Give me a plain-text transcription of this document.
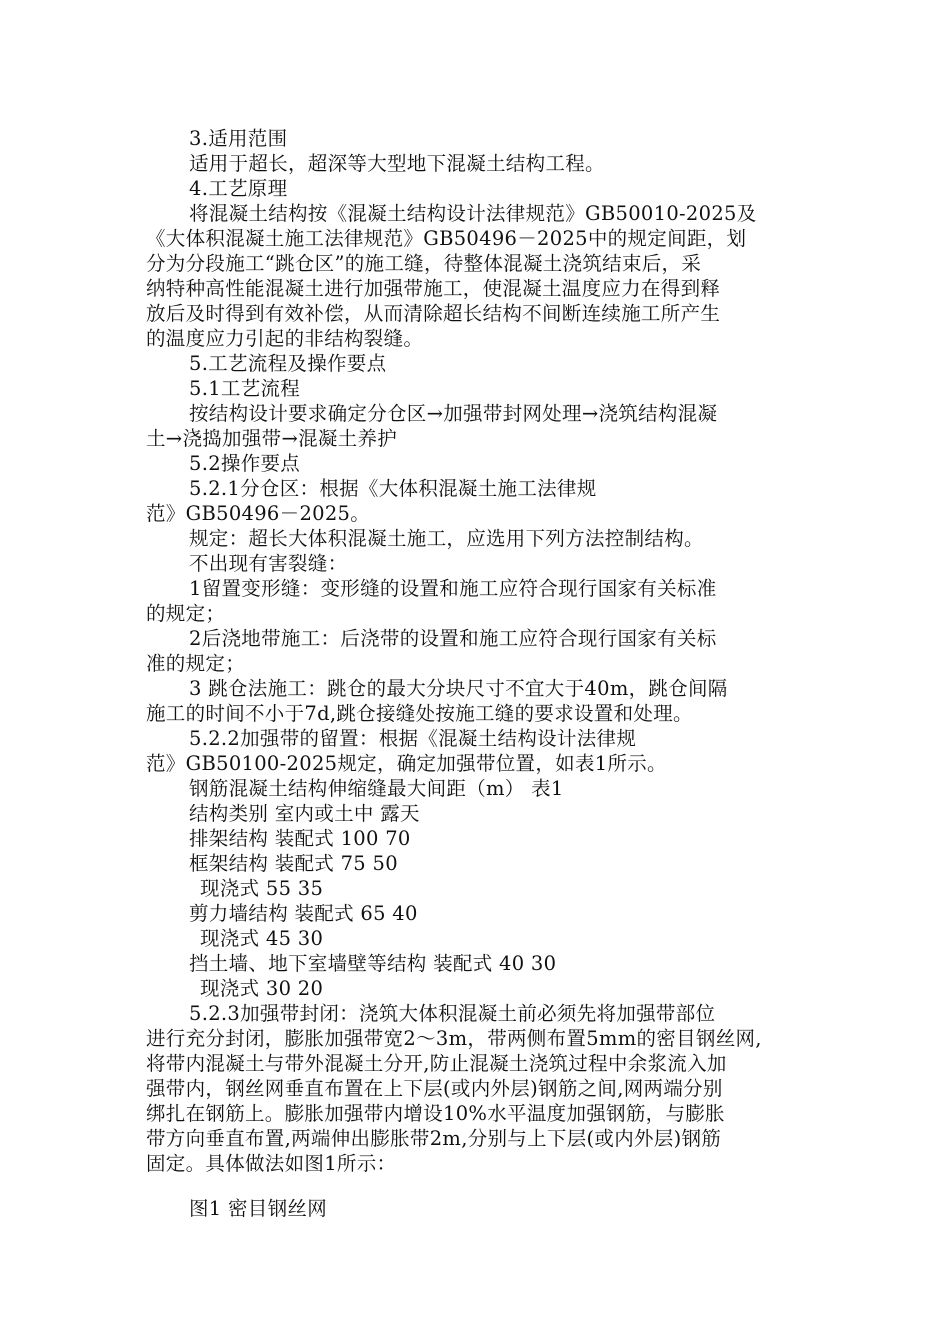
3.适用范围
适用于超长，超深等大型地下混凝土结构工程。
4.工艺原理
将混凝土结构按《混凝土结构设计法律规范》GB50010-2025及
《大体积混凝土施工法律规范》GB50496－2025中的规定间距，划
分为分段施工“跳仓区”的施工缝，待整体混凝土浇筑结束后，采
纳特种高性能混凝土进行加强带施工，使混凝土温度应力在得到释
放后及时得到有效补偿，从而清除超长结构不间断连续施工所产生
的温度应力引起的非结构裂缝。
5.工艺流程及操作要点
5.1工艺流程
按结构设计要求确定分仓区→加强带封网处理→浇筑结构混凝
土→浇捣加强带→混凝土养护
5.2操作要点
5.2.1分仓区：根据《大体积混凝土施工法律规
范》GB50496－2025。
规定：超长大体积混凝土施工，应选用下列方法控制结构。
不出现有害裂缝：
1留置变形缝：变形缝的设置和施工应符合现行国家有关标准
的规定；
2后浇地带施工：后浇带的设置和施工应符合现行国家有关标
准的规定；
3 跳仓法施工：跳仓的最大分块尺寸不宜大于40m，跳仓间隔
施工的时间不小于7d,跳仓接缝处按施工缝的要求设置和处理。
5.2.2加强带的留置：根据《混凝土结构设计法律规
范》GB50100-2025规定，确定加强带位置，如表1所示。
钢筋混凝土结构伸缩缝最大间距（m） 表1
结构类别 室内或土中 露天
排架结构 装配式 100 70
框架结构 装配式 75 50
现浇式 55 35
剪力墙结构 装配式 65 40
现浇式 45 30
挡土墙、地下室墙壁等结构 装配式 40 30
现浇式 30 20
5.2.3加强带封闭：浇筑大体积混凝土前必须先将加强带部位
进行充分封闭，膨胀加强带宽2～3m，带两侧布置5mm的密目钢丝网,
将带内混凝土与带外混凝土分开,防止混凝土浇筑过程中余浆流入加
强带内，钢丝网垂直布置在上下层(或内外层)钢筋之间,网两端分别
绑扎在钢筋上。膨胀加强带内增设10%水平温度加强钢筋，与膨胀
带方向垂直布置,两端伸出膨胀带2m,分别与上下层(或内外层)钢筋
固定。具体做法如图1所示：
图1 密目钢丝网
